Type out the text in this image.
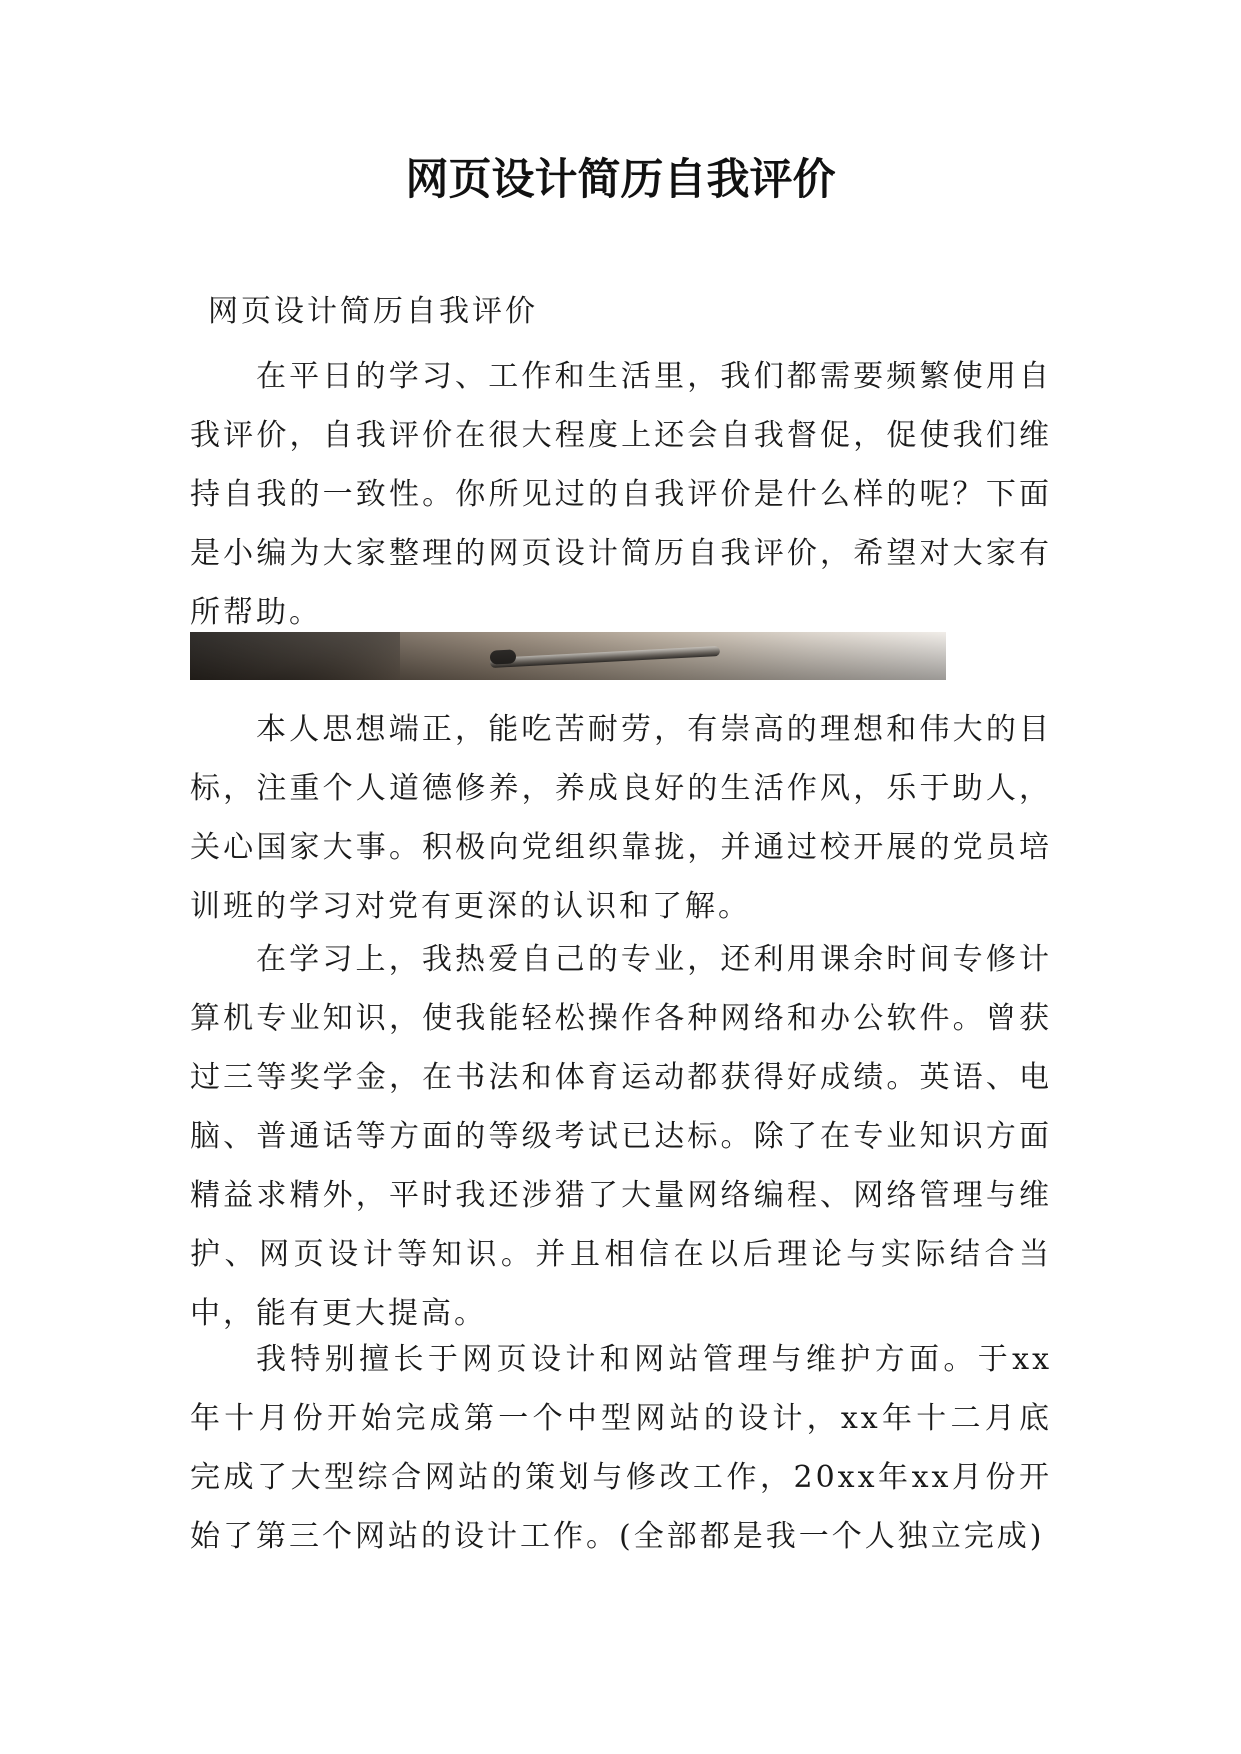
网页设计简历自我评价
网页设计简历自我评价

在平日的学习、工作和生活里，我们都需要频繁使用自我评价，自我评价在很大程度上还会自我督促，促使我们维持自我的一致性。你所见过的自我评价是什么样的呢？下面是小编为大家整理的网页设计简历自我评价，希望对大家有所帮助。

本人思想端正，能吃苦耐劳，有崇高的理想和伟大的目标，注重个人道德修养，养成良好的生活作风，乐于助人，关心国家大事。积极向党组织靠拢，并通过校开展的党员培训班的学习对党有更深的认识和了解。

在学习上，我热爱自己的专业，还利用课余时间专修计算机专业知识，使我能轻松操作各种网络和办公软件。曾获过三等奖学金，在书法和体育运动都获得好成绩。英语、电脑、普通话等方面的等级考试已达标。除了在专业知识方面精益求精外，平时我还涉猎了大量网络编程、网络管理与维护、网页设计等知识。并且相信在以后理论与实际结合当中，能有更大提高。

我特别擅长于网页设计和网站管理与维护方面。于xx年十月份开始完成第一个中型网站的设计，xx年十二月底完成了大型综合网站的策划与修改工作，20xx年xx月份开始了第三个网站的设计工作。(全部都是我一个人独立完成)
